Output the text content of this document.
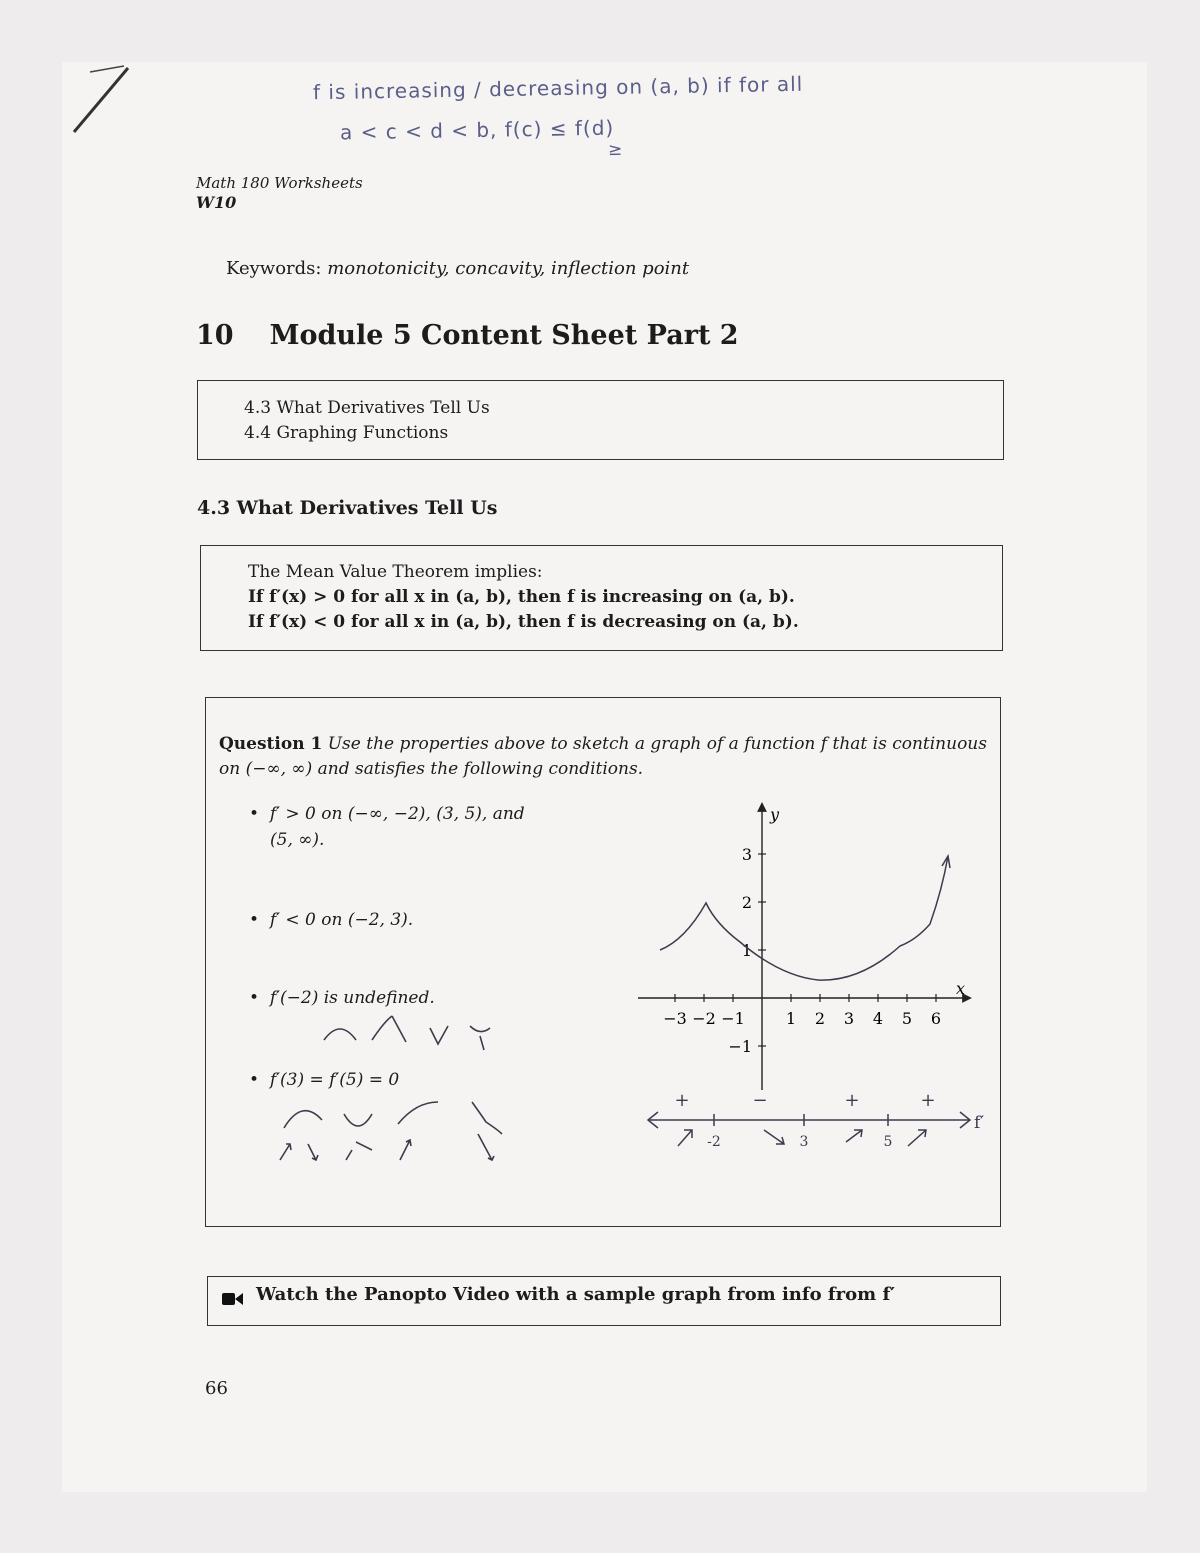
f is increasing / decreasing on (a, b) if for all
a < c < d < b, f(c) ≤ f(d)
≥
Math 180 Worksheets
W10
Keywords: monotonicity, concavity, inflection point
10 Module 5 Content Sheet Part 2
4.3 What Derivatives Tell Us
4.4 Graphing Functions
4.3 What Derivatives Tell Us
The Mean Value Theorem implies:
If f′(x) > 0 for all x in (a, b), then f is increasing on (a, b).
If f′(x) < 0 for all x in (a, b), then f is decreasing on (a, b).
Question 1 Use the properties above to sketch a graph of a function f that is continuous
on (−∞, ∞) and satisfies the following conditions.
•  f′ > 0 on (−∞, −2), (3, 5), and
(5, ∞).
•  f′ < 0 on (−2, 3).
•  f′(−2) is undefined.
•  f′(3) = f′(5) = 0
x
y
−3 −2 −1	1 2 3 4 5 6
3
2
1
−1
+	−	+	+
-2	3	5
f′
Watch the Panopto Video with a sample graph from info from f′
66
